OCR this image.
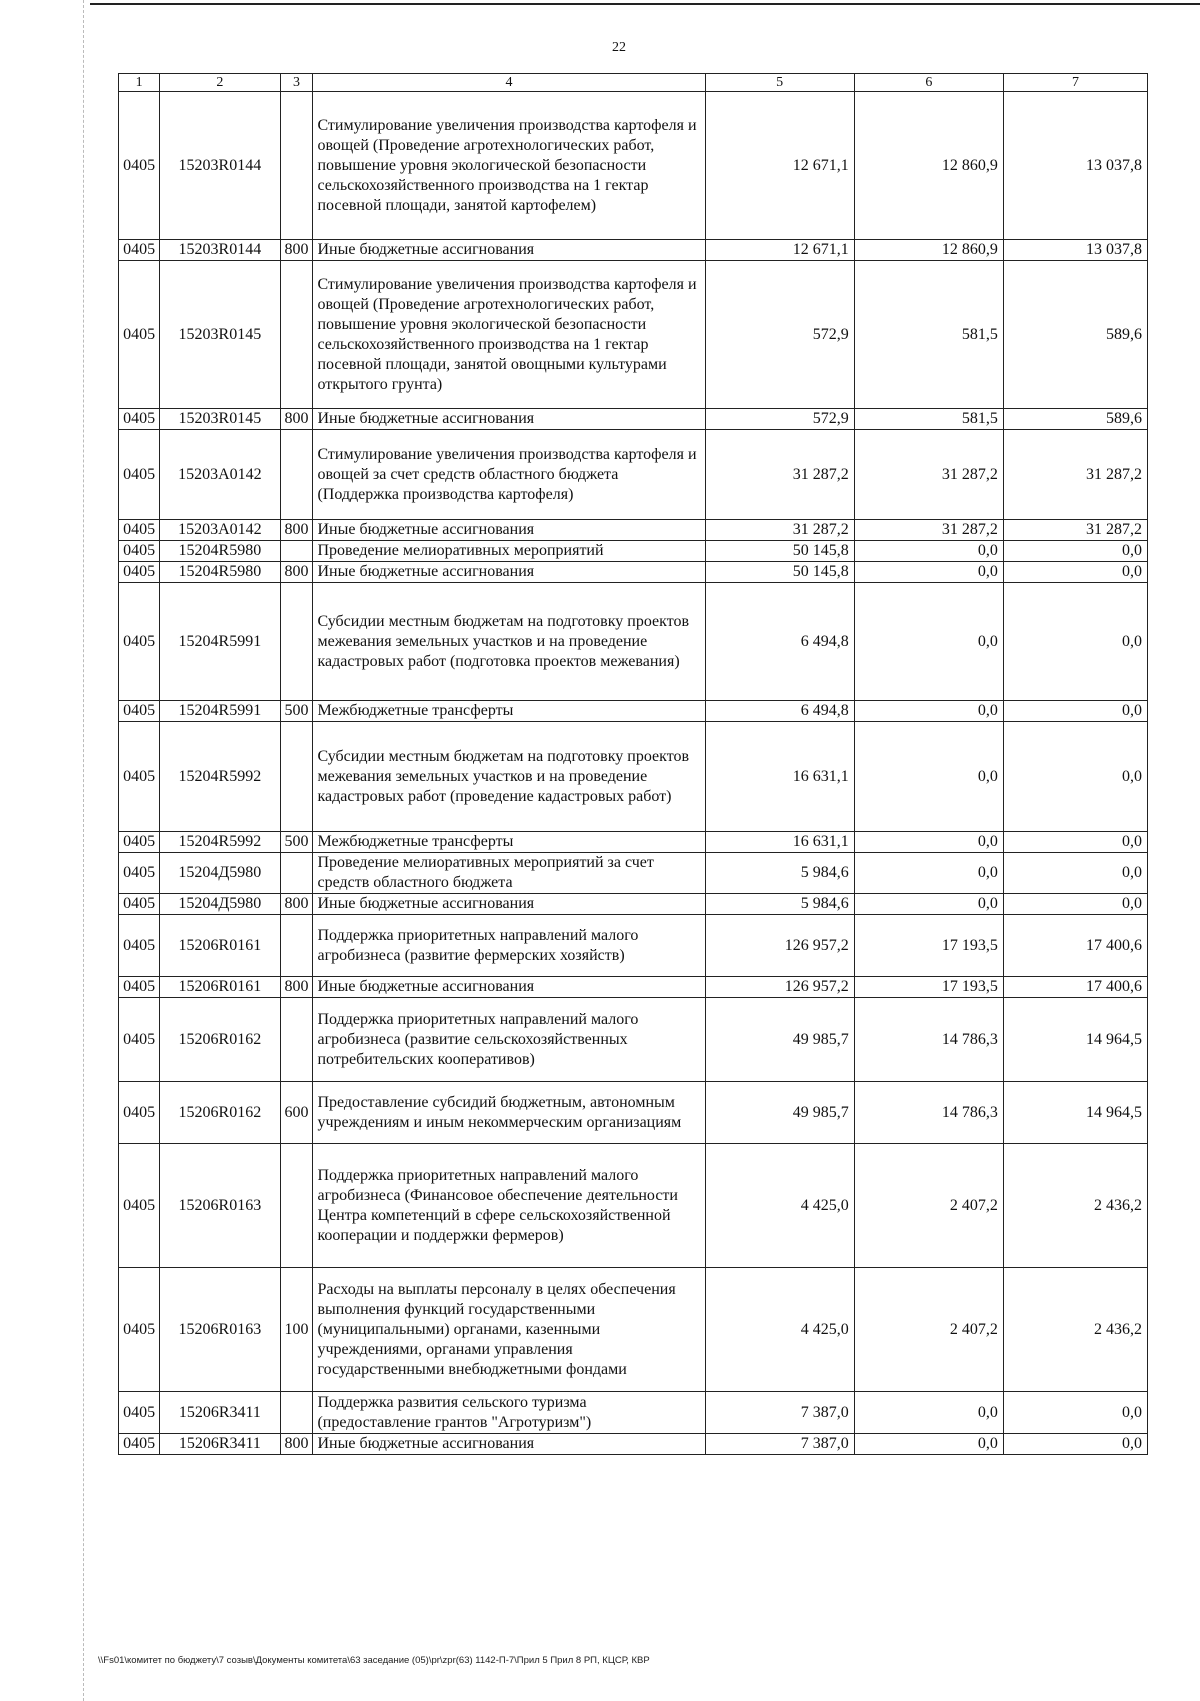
22
1	2	3	4	5	6	7
0405	15203R0144		Стимулирование увеличения производства картофеля и овощей (Проведение агротехнологических работ, повышение уровня экологической безопасности сельскохозяйственного производства на 1 гектар посевной площади, занятой картофелем)	12 671,1	12 860,9	13 037,8
0405	15203R0144	800	Иные бюджетные ассигнования	12 671,1	12 860,9	13 037,8
0405	15203R0145		Стимулирование увеличения производства картофеля и овощей (Проведение агротехнологических работ, повышение уровня экологической безопасности сельскохозяйственного производства на 1 гектар посевной площади, занятой овощными культурами открытого грунта)	572,9	581,5	589,6
0405	15203R0145	800	Иные бюджетные ассигнования	572,9	581,5	589,6
0405	15203A0142		Стимулирование увеличения производства картофеля и овощей за счет средств областного бюджета (Поддержка производства картофеля)	31 287,2	31 287,2	31 287,2
0405	15203A0142	800	Иные бюджетные ассигнования	31 287,2	31 287,2	31 287,2
0405	15204R5980		Проведение мелиоративных мероприятий	50 145,8	0,0	0,0
0405	15204R5980	800	Иные бюджетные ассигнования	50 145,8	0,0	0,0
0405	15204R5991		Субсидии местным бюджетам на подготовку проектов межевания земельных участков и на проведение кадастровых работ (подготовка проектов межевания)	6 494,8	0,0	0,0
0405	15204R5991	500	Межбюджетные трансферты	6 494,8	0,0	0,0
0405	15204R5992		Субсидии местным бюджетам на подготовку проектов межевания земельных участков и на проведение кадастровых работ (проведение кадастровых работ)	16 631,1	0,0	0,0
0405	15204R5992	500	Межбюджетные трансферты	16 631,1	0,0	0,0
0405	15204Д5980		Проведение мелиоративных мероприятий за счет средств областного бюджета	5 984,6	0,0	0,0
0405	15204Д5980	800	Иные бюджетные ассигнования	5 984,6	0,0	0,0
0405	15206R0161		Поддержка приоритетных направлений малого агробизнеса (развитие фермерских хозяйств)	126 957,2	17 193,5	17 400,6
0405	15206R0161	800	Иные бюджетные ассигнования	126 957,2	17 193,5	17 400,6
0405	15206R0162		Поддержка приоритетных направлений малого агробизнеса (развитие сельскохозяйственных потребительских кооперативов)	49 985,7	14 786,3	14 964,5
0405	15206R0162	600	Предоставление субсидий бюджетным, автономным учреждениям и иным некоммерческим организациям	49 985,7	14 786,3	14 964,5
0405	15206R0163		Поддержка приоритетных направлений малого агробизнеса (Финансовое обеспечение деятельности Центра компетенций в сфере сельскохозяйственной кооперации и поддержки фермеров)	4 425,0	2 407,2	2 436,2
0405	15206R0163	100	Расходы на выплаты персоналу в целях обеспечения выполнения функций государственными (муниципальными) органами, казенными учреждениями, органами управления государственными внебюджетными фондами	4 425,0	2 407,2	2 436,2
0405	15206R3411		Поддержка развития сельского туризма (предоставление грантов "Агротуризм")	7 387,0	0,0	0,0
0405	15206R3411	800	Иные бюджетные ассигнования	7 387,0	0,0	0,0
\\Fs01\комитет по бюджету\7 созыв\Документы комитета\63 заседание (05)\pr\zpr(63) 1142-П-7\Прил 5 Прил 8 РП, КЦСР, КВР
